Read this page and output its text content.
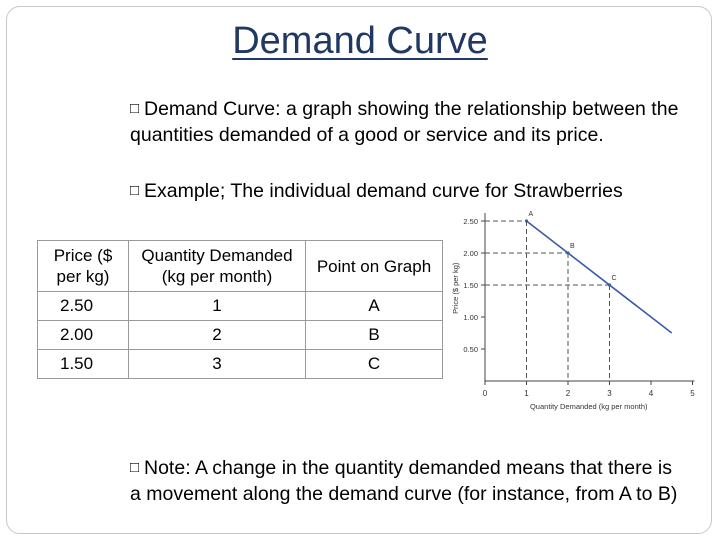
Demand Curve
□ Demand Curve: a graph showing the relationship between the quantities demanded of a good or service and its price.
□ Example; The individual demand curve for Strawberries
Price ($ per kg)	Quantity Demanded (kg per month)	Point on Graph
2.50	1	A
2.00	2	B
1.50	3	C
0	1	2	3	4	5
0.50
1.00
1.50
2.00
2.50
Quantity Demanded (kg per month)
Price ($ per kg)
A
B
C
□ Note: A change in the quantity demanded means that there is a movement along the demand curve (for instance, from A to B)
